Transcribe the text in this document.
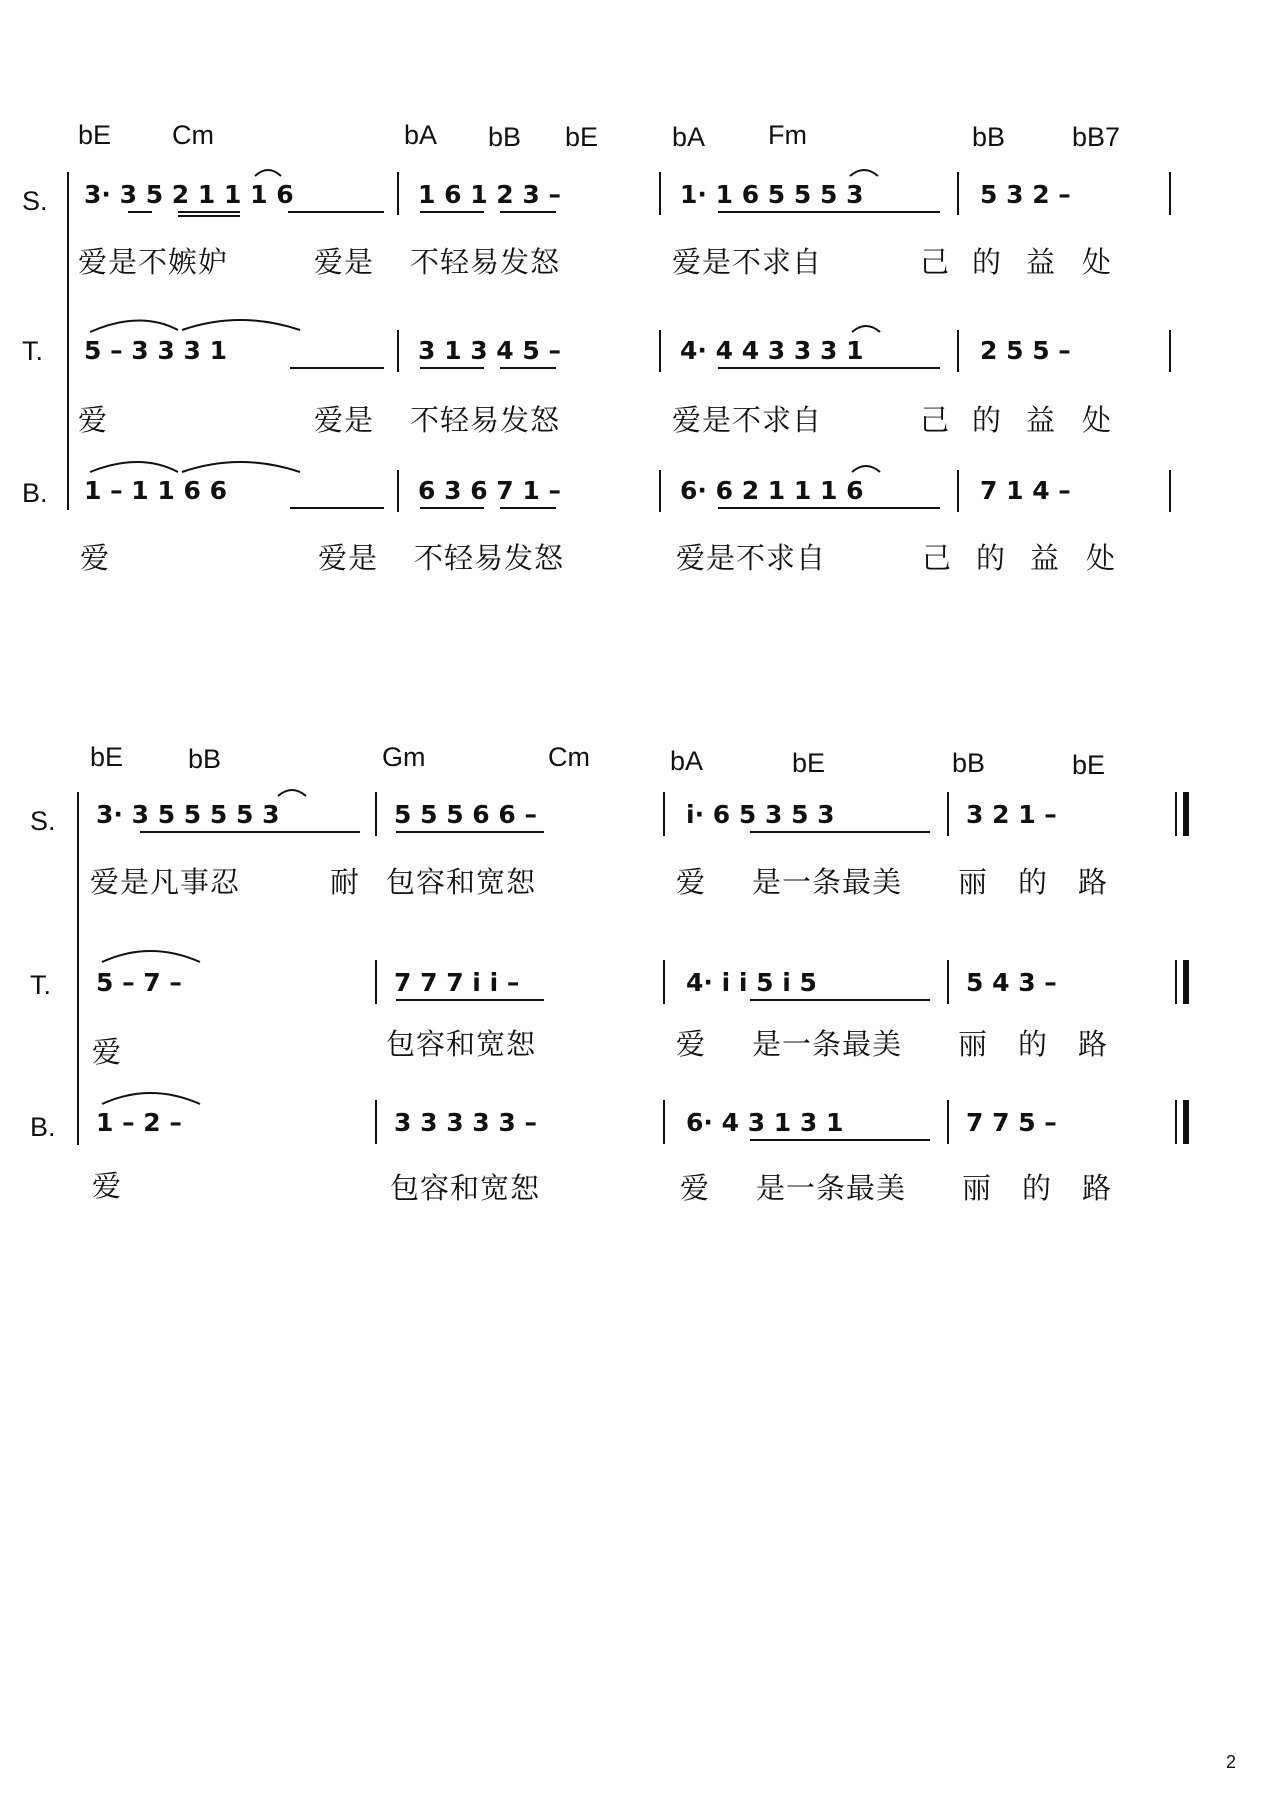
bE Cm	bA bB bE	bA Fm	bB bB7
S. 3· 3 5 2 1 1 1 6	1 6 1 2 3 –	1· 1 6 5 5 5 3	5 3 2 –
爱是不嫉妒	爱是 不轻易发怒	爱是不求自	己 的 益 处
T. 5 – 3 3 3 1	3 1 3 4 5 –	4· 4 4 3 3 3 1	2 5 5 –
爱	爱是 不轻易发怒	爱是不求自	己 的 益 处
B. 1 – 1 1 6 6	6 3 6 7 1 –	6· 6 2 1 1 1 6	7 1 4 –
爱	爱是 不轻易发怒	爱是不求自	己 的 益 处
bE bB	Gm	Cm	bA	bE	bB	bE
S. 3· 3 5 5 5 5 3	5 5 5 6 6 –	i· 6 5 3 5 3	3 2 1 –
爱是凡事忍	耐 包容和宽恕	爱 是一条最美 丽 的 路
T. 5 – 7 –	7 7 7 i i –	4· i i 5 i 5	5 4 3 –
爱	包容和宽恕	爱 是一条最美 丽 的 路
B. 1 – 2 –	3 3 3 3 3 –	6· 4 3 1 3 1	7 7 5 –
爱	包容和宽恕	爱 是一条最美 丽 的 路
2
